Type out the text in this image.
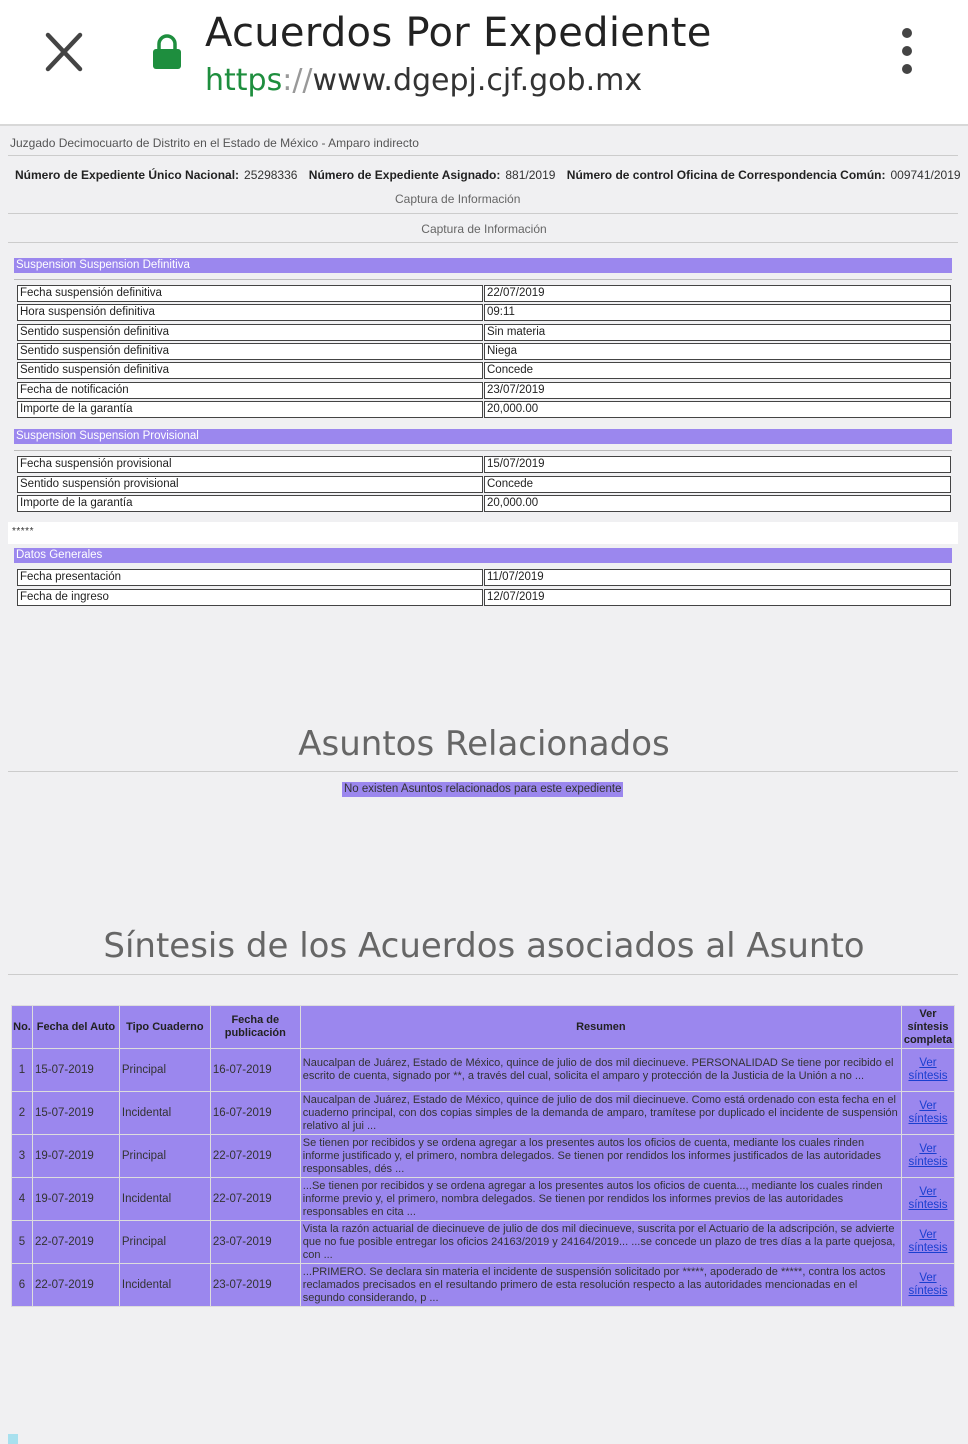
Acuerdos Por Expediente
https://www.dgepj.cjf.gob.mx
Juzgado Decimocuarto de Distrito en el Estado de México - Amparo indirecto
Número de Expediente Único Nacional: 25298336 Número de Expediente Asignado: 881/2019 Número de control Oficina de Correspondencia Común: 009741/2019
Captura de Información
Captura de Información
Suspension Suspension Definitiva
Fecha suspensión definitiva	22/07/2019
Hora suspensión definitiva	09:11
Sentido suspensión definitiva	Sin materia
Sentido suspensión definitiva	Niega
Sentido suspensión definitiva	Concede
Fecha de notificación	23/07/2019
Importe de la garantía	20,000.00
Suspension Suspension Provisional
Fecha suspensión provisional	15/07/2019
Sentido suspensión provisional	Concede
Importe de la garantía	20,000.00
*****
Datos Generales
Fecha presentación	11/07/2019
Fecha de ingreso	12/07/2019
Asuntos Relacionados
No existen Asuntos relacionados para este expediente
Síntesis de los Acuerdos asociados al Asunto
No.	Fecha del Auto	Tipo Cuaderno	Fecha de publicación	Resumen	Ver síntesis completa
1	15-07-2019	Principal	16-07-2019	Naucalpan de Juárez, Estado de México, quince de julio de dos mil diecinueve. PERSONALIDAD Se tiene por recibido el escrito de cuenta, signado por **, a través del cual, solicita el amparo y protección de la Justicia de la Unión a no ...	Ver síntesis
2	15-07-2019	Incidental	16-07-2019	Naucalpan de Juárez, Estado de México, quince de julio de dos mil diecinueve. Como está ordenado con esta fecha en el cuaderno principal, con dos copias simples de la demanda de amparo, tramítese por duplicado el incidente de suspensión relativo al jui ...	Ver síntesis
3	19-07-2019	Principal	22-07-2019	Se tienen por recibidos y se ordena agregar a los presentes autos los oficios de cuenta, mediante los cuales rinden informe justificado y, el primero, nombra delegados. Se tienen por rendidos los informes justificados de las autoridades responsables, dés ...	Ver síntesis
4	19-07-2019	Incidental	22-07-2019	...Se tienen por recibidos y se ordena agregar a los presentes autos los oficios de cuenta..., mediante los cuales rinden informe previo y, el primero, nombra delegados. Se tienen por rendidos los informes previos de las autoridades responsables en cita ...	Ver síntesis
5	22-07-2019	Principal	23-07-2019	Vista la razón actuarial de diecinueve de julio de dos mil diecinueve, suscrita por el Actuario de la adscripción, se advierte que no fue posible entregar los oficios 24163/2019 y 24164/2019... ...se concede un plazo de tres días a la parte quejosa, con ...	Ver síntesis
6	22-07-2019	Incidental	23-07-2019	...PRIMERO. Se declara sin materia el incidente de suspensión solicitado por *****, apoderado de *****, contra los actos reclamados precisados en el resultando primero de esta resolución respecto a las autoridades mencionadas en el segundo considerando, p ...	Ver síntesis
